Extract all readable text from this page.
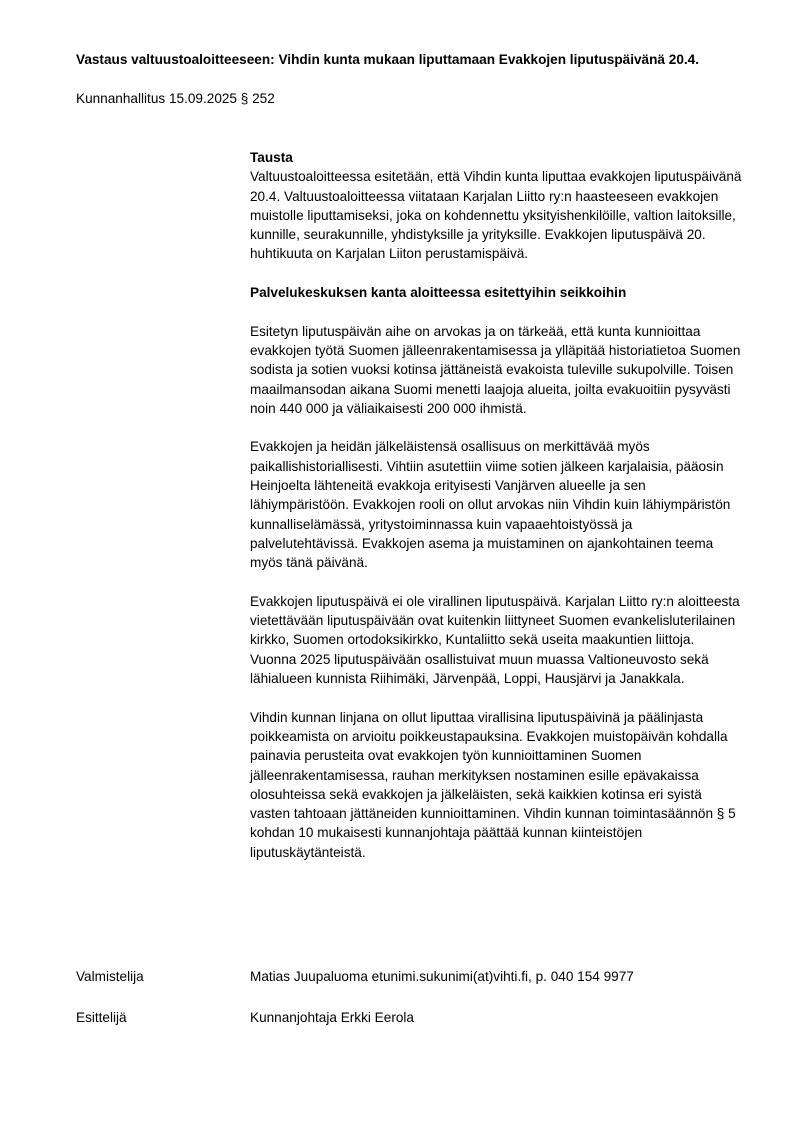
Vastaus valtuustoaloitteeseen: Vihdin kunta mukaan liputtamaan Evakkojen liputuspäivänä 20.4.
Kunnanhallitus 15.09.2025 § 252
Tausta

Valtuustoaloitteessa esitetään, että Vihdin kunta liputtaa evakkojen liputuspäivänä 20.4. Valtuustoaloitteessa viitataan Karjalan Liitto ry:n haasteeseen evakkojen muistolle liputtamiseksi, joka on kohdennettu yksityishenkilöille, valtion laitoksille, kunnille, seurakunnille, yhdistyksille ja yrityksille. Evakkojen liputuspäivä 20. huhtikuuta on Karjalan Liiton perustamispäivä.

Palvelukeskuksen kanta aloitteessa esitettyihin seikkoihin

Esitetyn liputuspäivän aihe on arvokas ja on tärkeää, että kunta kunnioittaa evakkojen työtä Suomen jälleenrakentamisessa ja ylläpitää historiatietoa Suomen sodista ja sotien vuoksi kotinsa jättäneistä evakoista tuleville sukupolville. Toisen maailmansodan aikana Suomi menetti laajoja alueita, joilta evakuoitiin pysyvästi noin 440 000 ja väliaikaisesti 200 000 ihmistä.

Evakkojen ja heidän jälkeläistensä osallisuus on merkittävää myös paikallishistoriallisesti. Vihtiin asutettiin viime sotien jälkeen karjalaisia, pääosin Heinjoelta lähteneitä evakkoja erityisesti Vanjärven alueelle ja sen lähiympäristöön. Evakkojen rooli on ollut arvokas niin Vihdin kuin lähiympäristön kunnalliselämässä, yritystoiminnassa kuin vapaaehtoistyössä ja palvelutehtävissä. Evakkojen asema ja muistaminen on ajankohtainen teema myös tänä päivänä.

Evakkojen liputuspäivä ei ole virallinen liputuspäivä. Karjalan Liitto ry:n aloitteesta vietettävään liputuspäivään ovat kuitenkin liittyneet Suomen evankelisluterilainen kirkko, Suomen ortodoksikirkko, Kuntaliitto sekä useita maakuntien liittoja. Vuonna 2025 liputuspäivään osallistuivat muun muassa Valtioneuvosto sekä lähialueen kunnista Riihimäki, Järvenpää, Loppi, Hausjärvi ja Janakkala.

Vihdin kunnan linjana on ollut liputtaa virallisina liputuspäivinä ja päälinjasta poikkeamista on arvioitu poikkeustapauksina. Evakkojen muistopäivän kohdalla painavia perusteita ovat evakkojen työn kunnioittaminen Suomen jälleenrakentamisessa, rauhan merkityksen nostaminen esille epävakaissa olosuhteissa sekä evakkojen ja jälkeläisten, sekä kaikkien kotinsa eri syistä vasten tahtoaan jättäneiden kunnioittaminen. Vihdin kunnan toimintasäännön § 5 kohdan 10 mukaisesti kunnanjohtaja päättää kunnan kiinteistöjen liputuskäytänteistä.

Valmistelija	Matias Juupaluoma etunimi.sukunimi(at)vihti.fi, p. 040 154 9977
Esittelijä	Kunnanjohtaja Erkki Eerola
